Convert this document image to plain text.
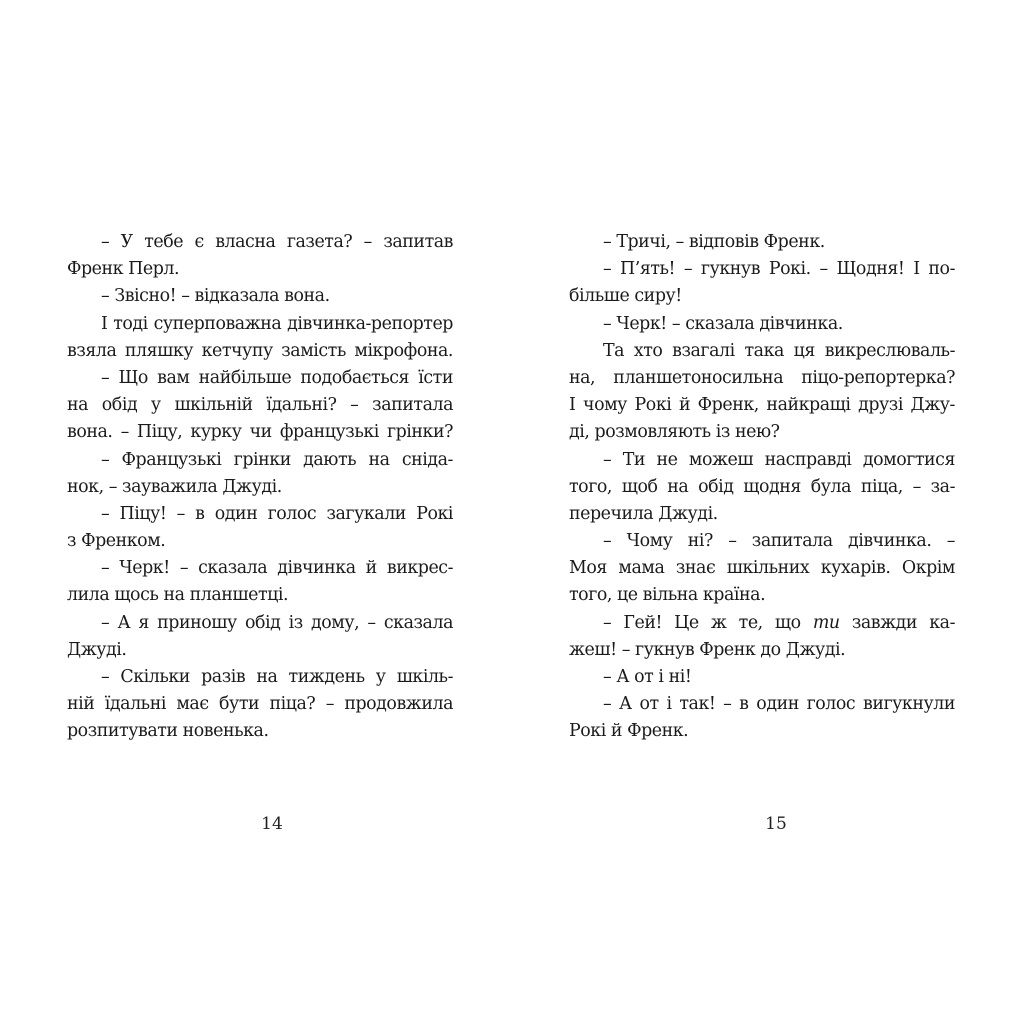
– У тебе є власна газета? – запитав
Френк Перл.
– Звісно! – відказала вона.
І тоді суперповажна дівчинка-репортер
взяла пляшку кетчупу замість мікрофона.
– Що вам найбільше подобається їсти
на обід у шкільній їдальні? – запитала
вона. – Піцу, курку чи французькі грінки?
– Французькі грінки дають на сніда-
нок, – зауважила Джуді.
– Піцу! – в один голос загукали Рокі
з Френком.
– Черк! – сказала дівчинка й викрес-
лила щось на планшетці.
– А я приношу обід із дому, – сказала
Джуді.
– Скільки разів на тиждень у шкіль-
ній їдальні має бути піца? – продовжила
розпитувати новенька.
14
– Тричі, – відповів Френк.
– П’ять! – гукнув Рокі. – Щодня! І по-
більше сиру!
– Черк! – сказала дівчинка.
Та хто взагалі така ця викреслюваль-
на, планшетоносильна піцо-репортерка?
І чому Рокі й Френк, найкращі друзі Джу-
ді, розмовляють із нею?
– Ти не можеш насправді домогтися
того, щоб на обід щодня була піца, – за-
перечила Джуді.
– Чому ні? – запитала дівчинка. –
Моя мама знає шкільних кухарів. Окрім
того, це вільна країна.
– Гей! Це ж те, що ти завжди ка-
жеш! – гукнув Френк до Джуді.
– А от і ні!
– А от і так! – в один голос вигукнули
Рокі й Френк.
15
